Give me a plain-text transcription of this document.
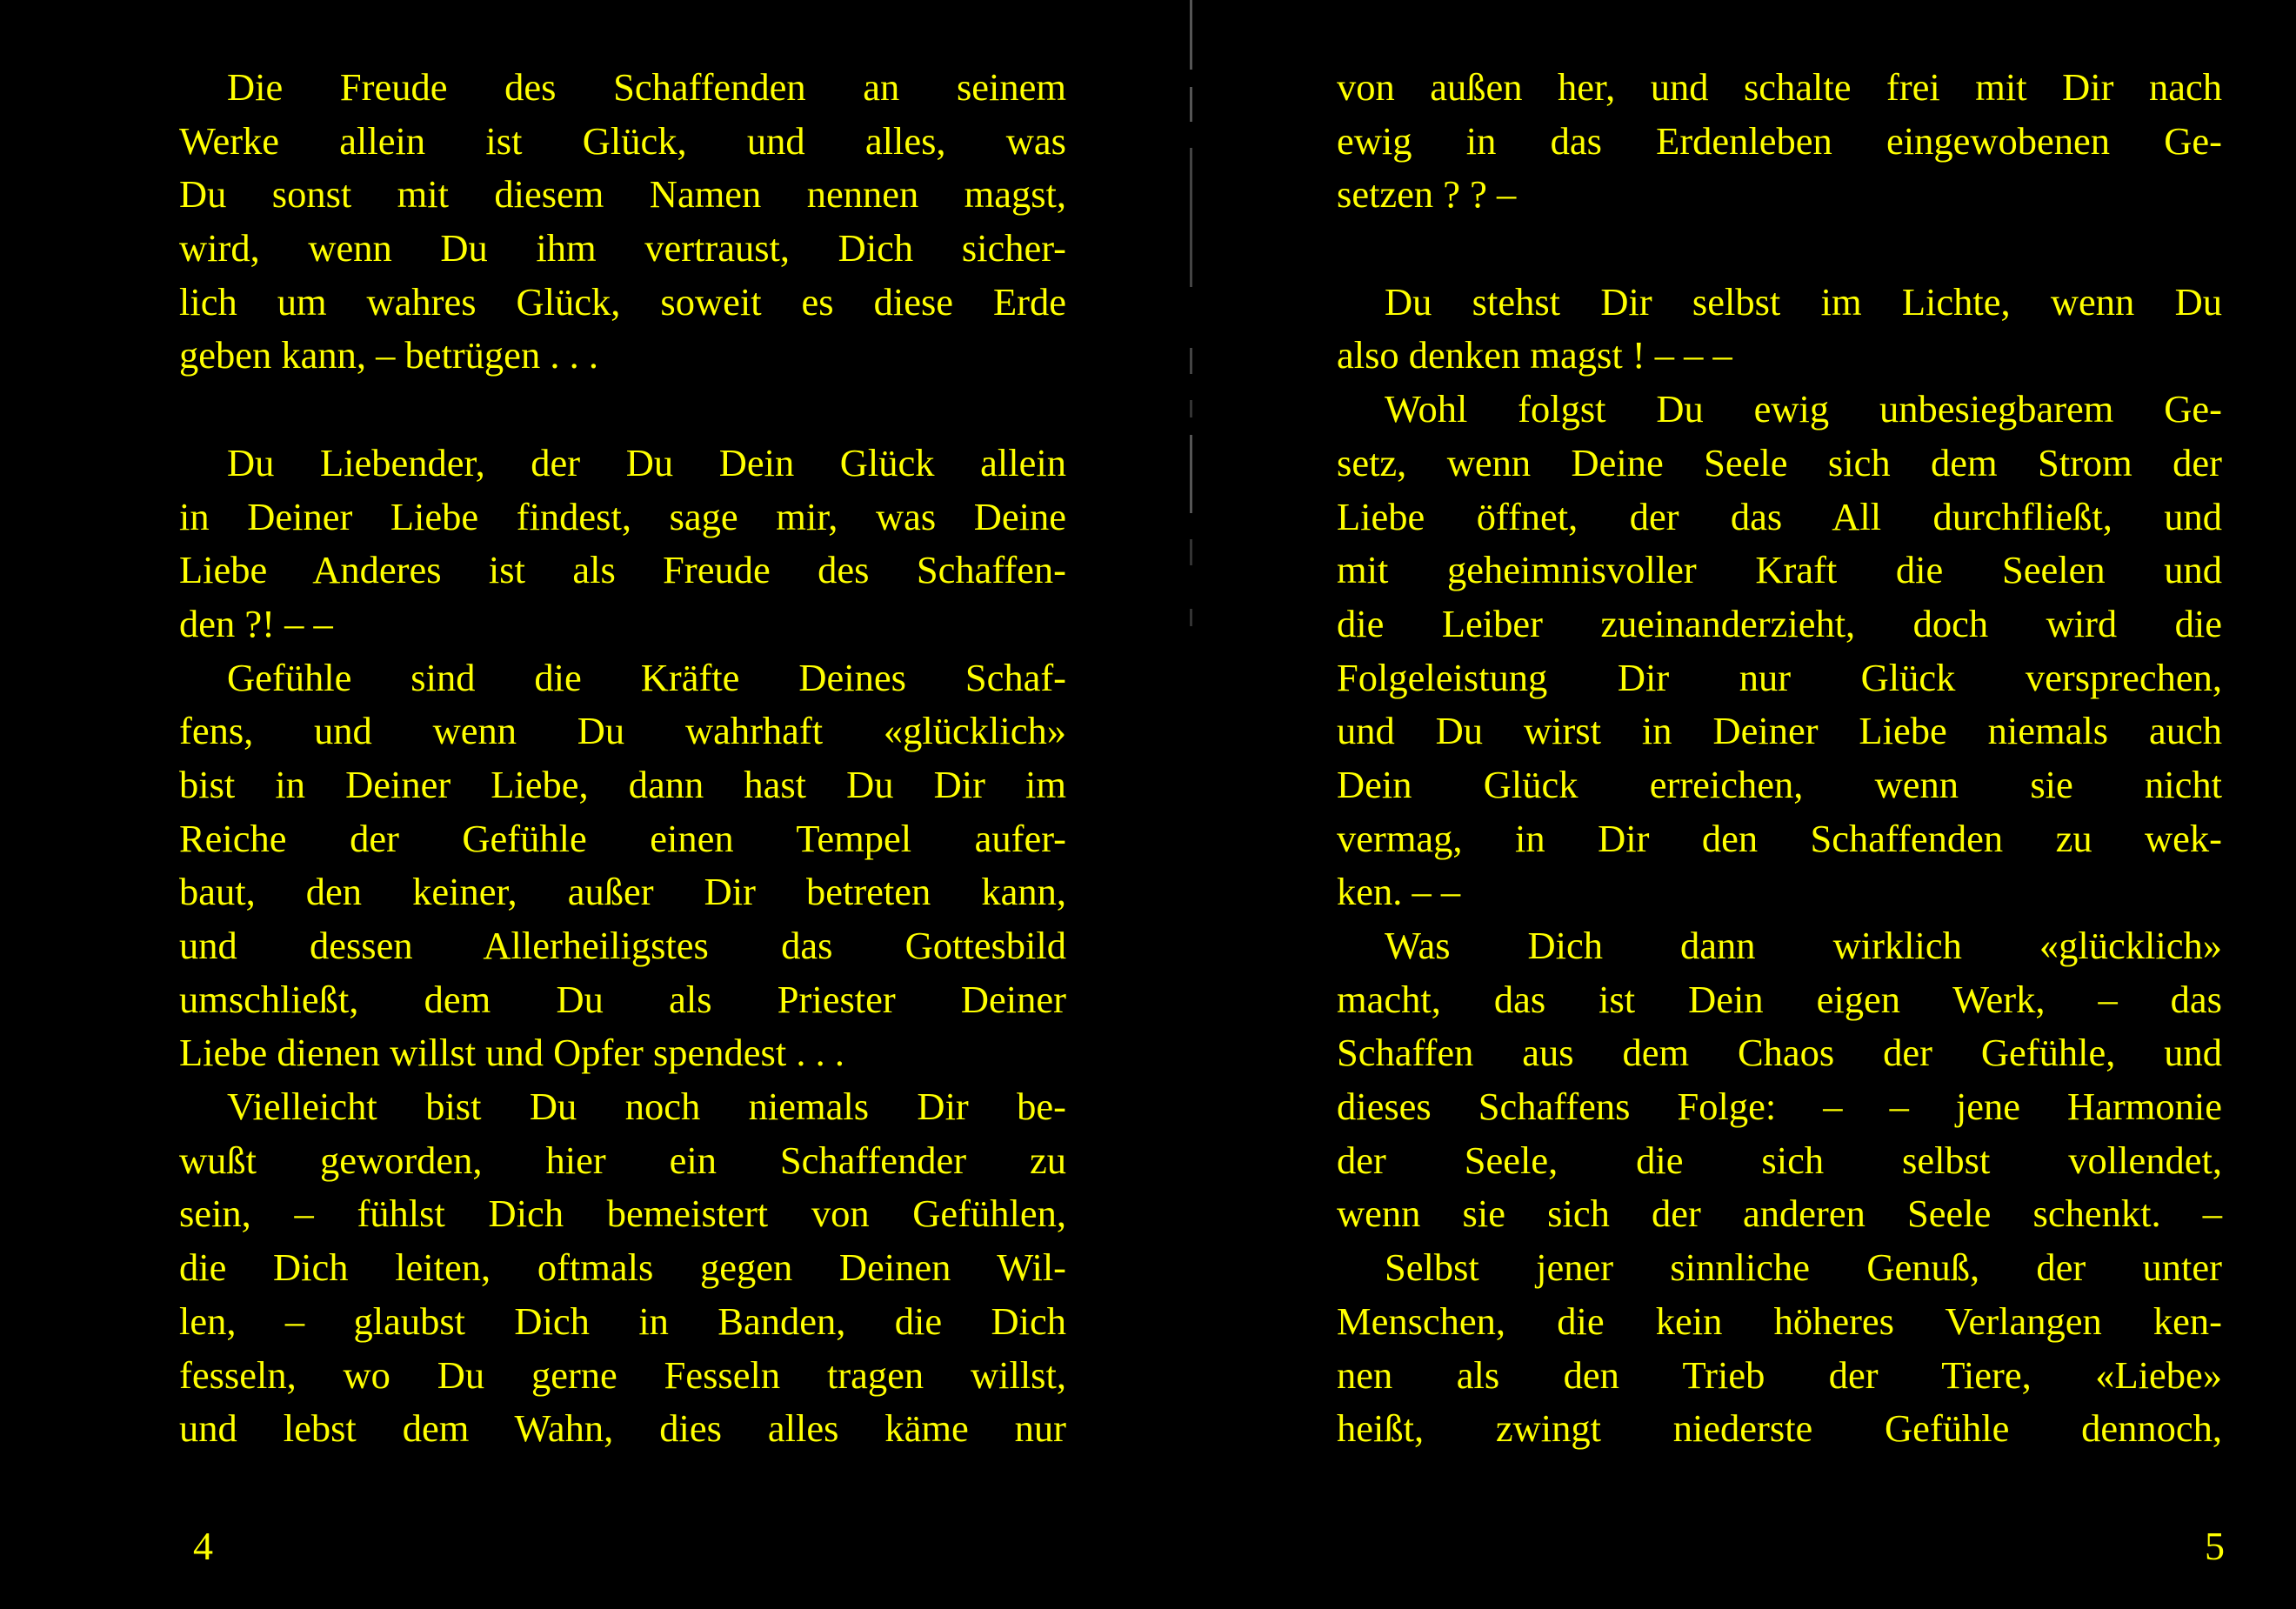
Die Freude des Schaffenden an seinem
Werke allein ist Glück, und alles, was
Du sonst mit diesem Namen nennen magst,
wird, wenn Du ihm vertraust, Dich sicher-
lich um wahres Glück, soweit es diese Erde
geben kann, – betrügen . . .
Du Liebender, der Du Dein Glück allein
in Deiner Liebe findest, sage mir, was Deine
Liebe Anderes ist als Freude des Schaffen-
den ?! – –
Gefühle sind die Kräfte Deines Schaf-
fens, und wenn Du wahrhaft «glücklich»
bist in Deiner Liebe, dann hast Du Dir im
Reiche der Gefühle einen Tempel aufer-
baut, den keiner, außer Dir betreten kann,
und dessen Allerheiligstes das Gottesbild
umschließt, dem Du als Priester Deiner
Liebe dienen willst und Opfer spendest . . .
Vielleicht bist Du noch niemals Dir be-
wußt geworden, hier ein Schaffender zu
sein, – fühlst Dich bemeistert von Gefühlen,
die Dich leiten, oftmals gegen Deinen Wil-
len, – glaubst Dich in Banden, die Dich
fesseln, wo Du gerne Fesseln tragen willst,
und lebst dem Wahn, dies alles käme nur
4
von außen her, und schalte frei mit Dir nach
ewig in das Erdenleben eingewobenen Ge-
setzen ? ? –
Du stehst Dir selbst im Lichte, wenn Du
also denken magst ! – – –
Wohl folgst Du ewig unbesiegbarem Ge-
setz, wenn Deine Seele sich dem Strom der
Liebe öffnet, der das All durchfließt, und
mit geheimnisvoller Kraft die Seelen und
die Leiber zueinanderzieht, doch wird die
Folgeleistung Dir nur Glück versprechen,
und Du wirst in Deiner Liebe niemals auch
Dein Glück erreichen, wenn sie nicht
vermag, in Dir den Schaffenden zu wek-
ken. – –
Was Dich dann wirklich «glücklich»
macht, das ist Dein eigen Werk, – das
Schaffen aus dem Chaos der Gefühle, und
dieses Schaffens Folge: – – jene Harmonie
der Seele, die sich selbst vollendet,
wenn sie sich der anderen Seele schenkt. –
Selbst jener sinnliche Genuß, der unter
Menschen, die kein höheres Verlangen ken-
nen als den Trieb der Tiere, «Liebe»
heißt, zwingt niederste Gefühle dennoch,
5
